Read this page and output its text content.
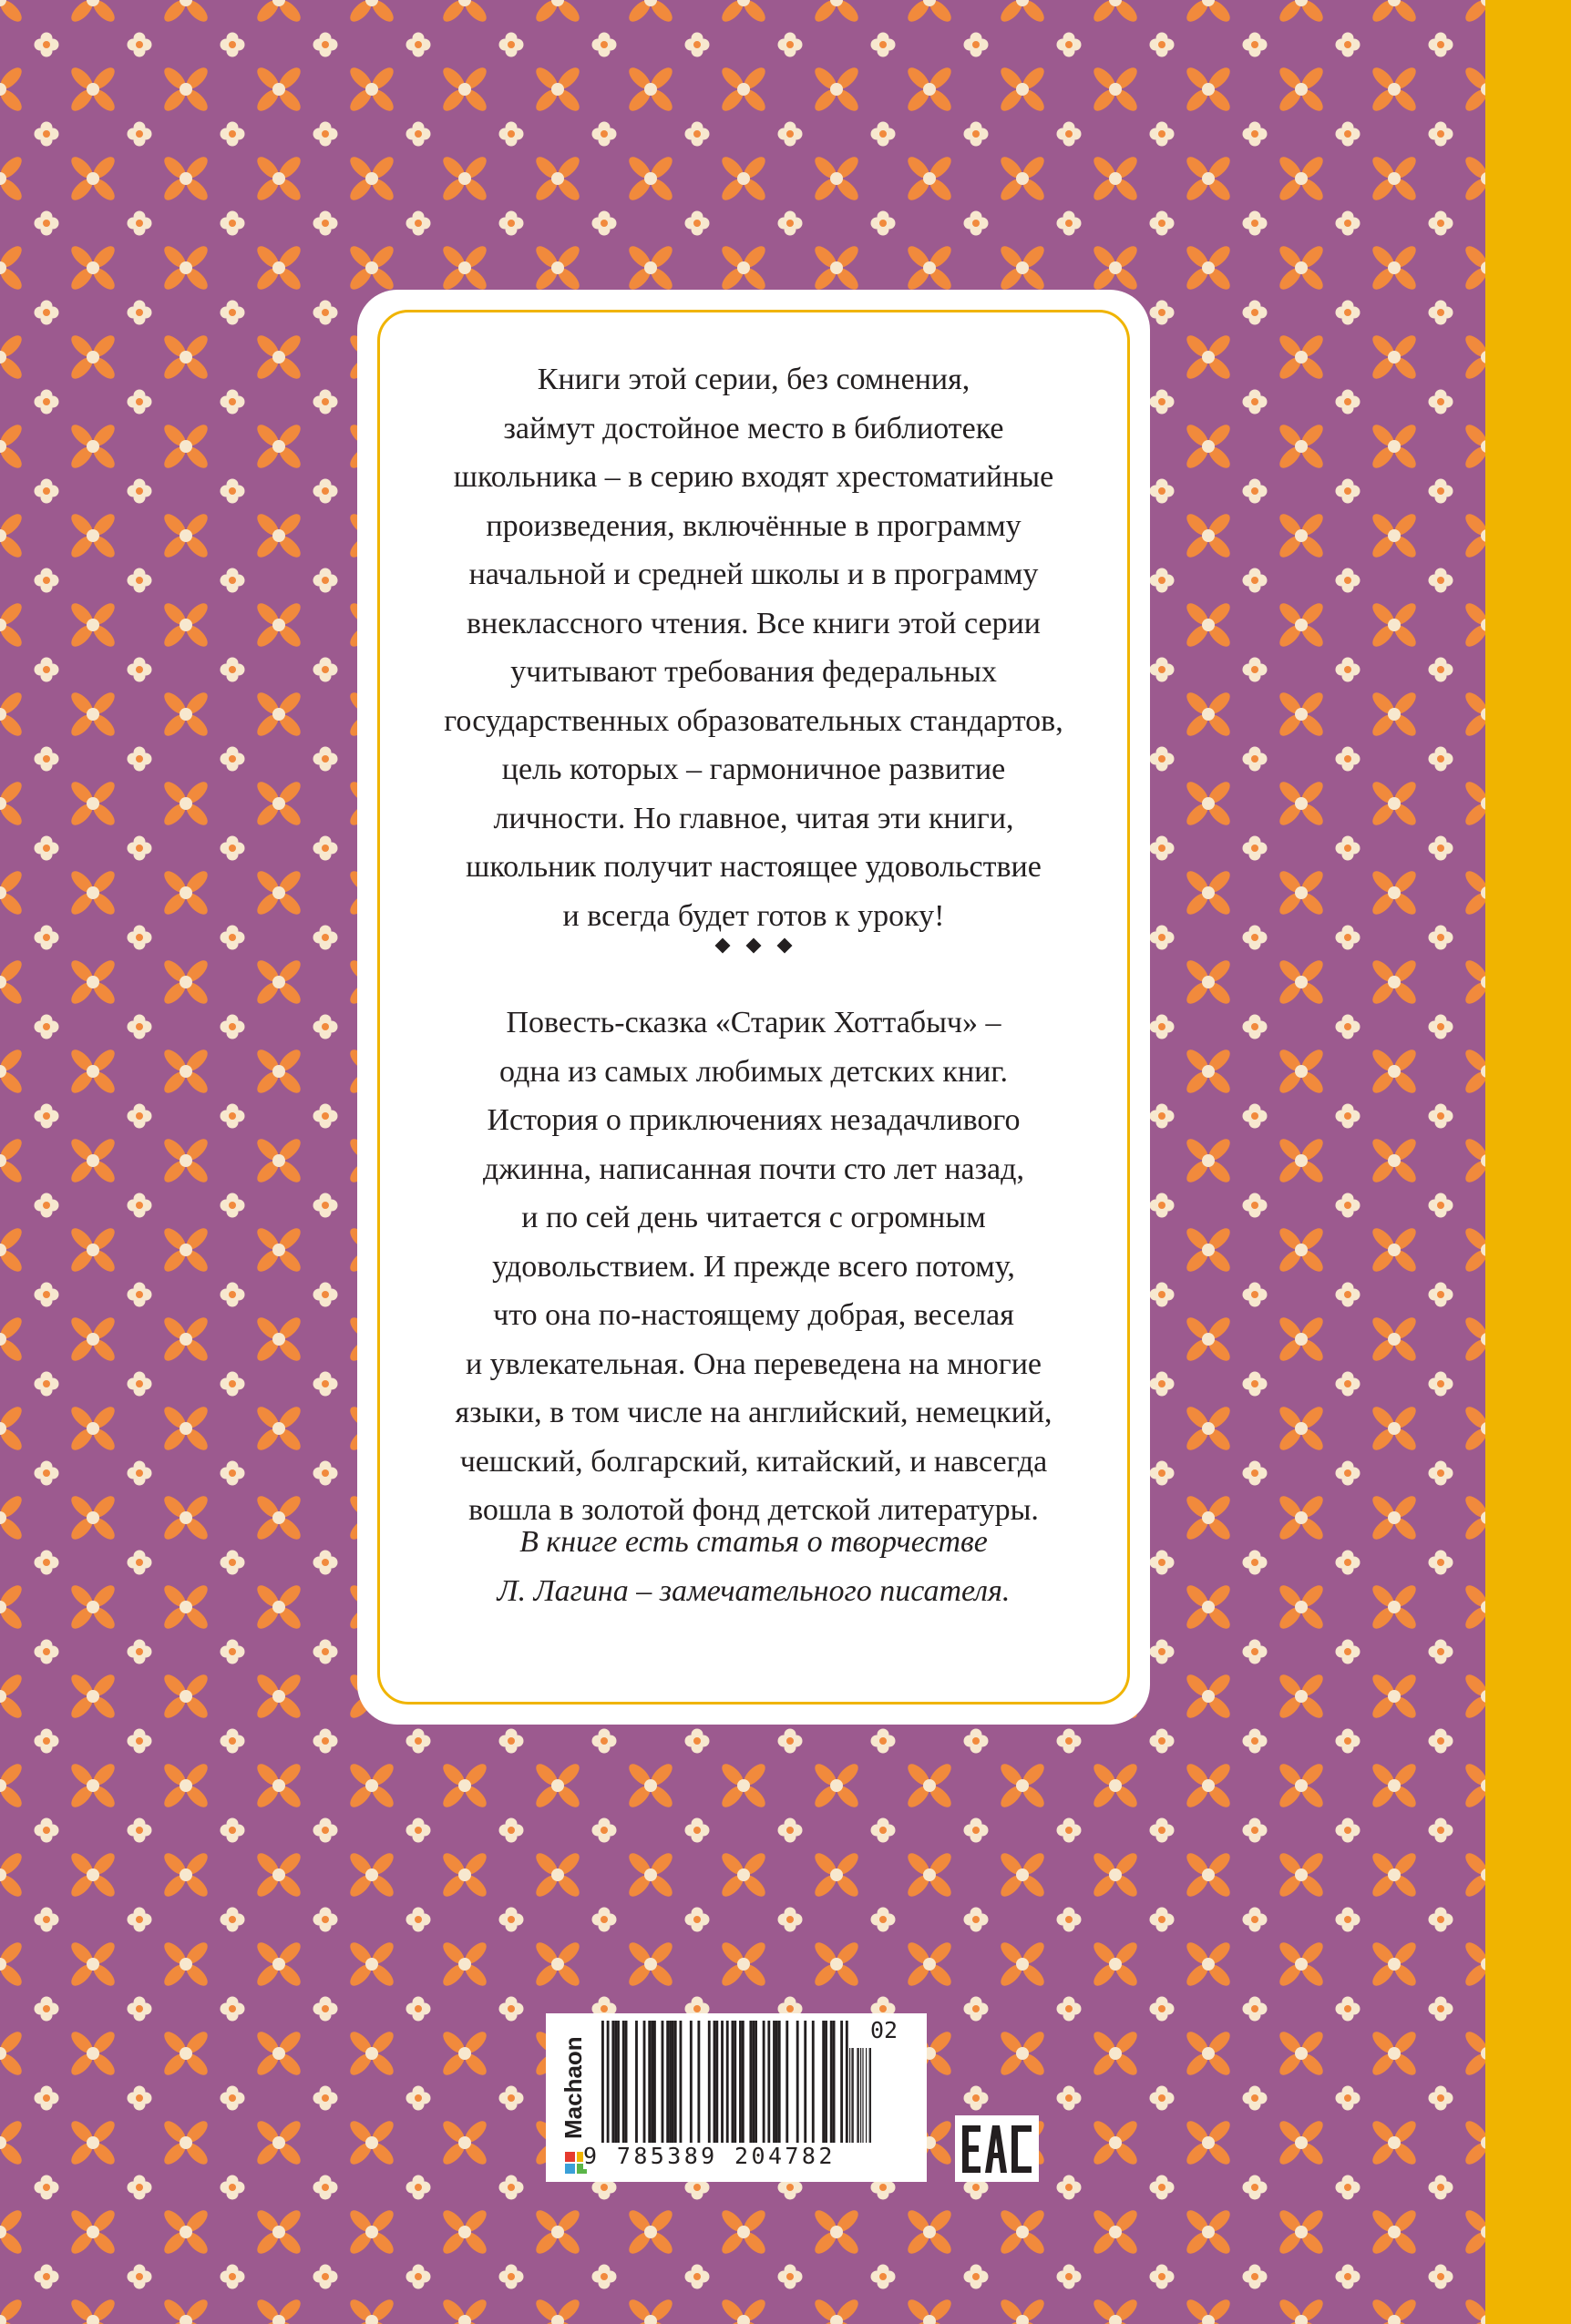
Книги этой серии, без сомнения,
займут достойное место в библиотеке
школьника – в серию входят хрестоматийные
произведения, включённые в программу
начальной и средней школы и в программу
внеклассного чтения. Все книги этой серии
учитывают требования федеральных
государственных образовательных стандартов,
цель которых – гармоничное развитие
личности. Но главное, читая эти книги,
школьник получит настоящее удовольствие
и всегда будет готов к уроку!
Повесть-сказка «Старик Хоттабыч» –
одна из самых любимых детских книг.
История о приключениях незадачливого
джинна, написанная почти сто лет назад,
и по сей день читается с огромным
удовольствием. И прежде всего потому,
что она по-настоящему добрая, веселая
и увлекательная. Она переведена на многие
языки, в том числе на английский, немецкий,
чешский, болгарский, китайский, и навсегда
вошла в золотой фонд детской литературы.
В книге есть статья о творчестве
Л. Лагина – замечательного писателя.
Machaon
9 785389 204782
02
